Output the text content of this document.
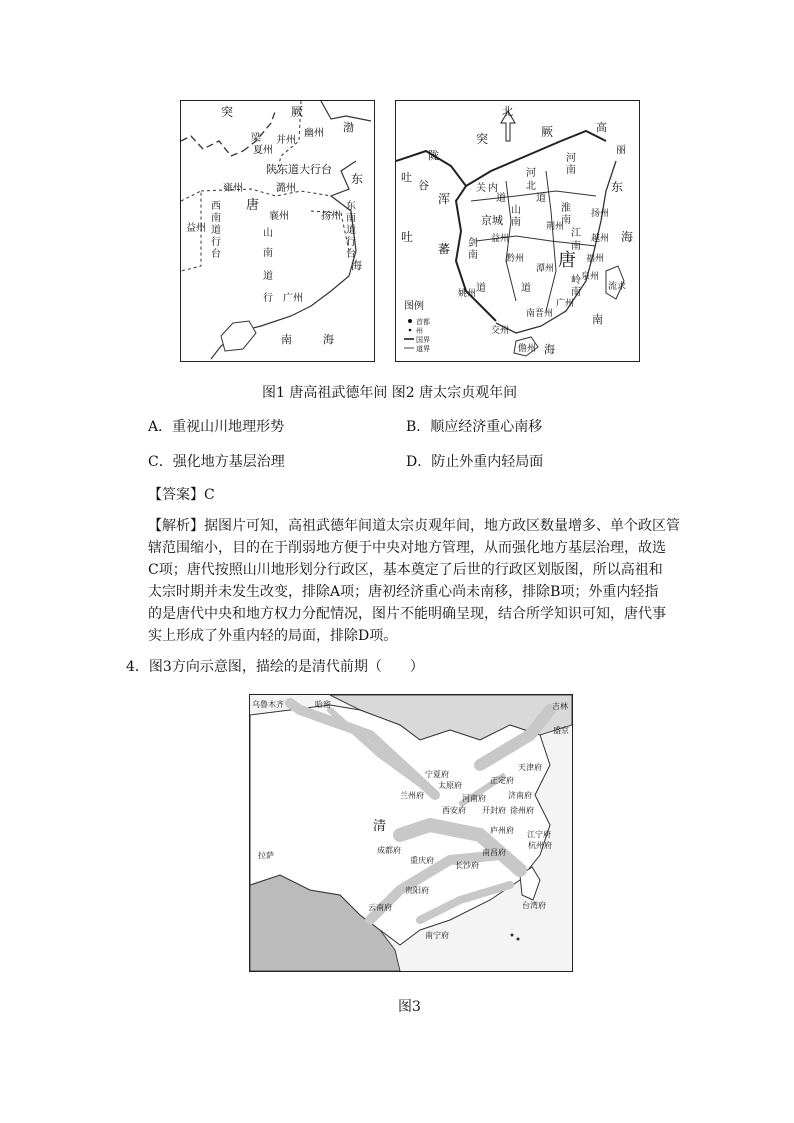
突	厥
梁
夏州
并州
幽州 渤
陕东道大行台
雍州
唐
潞州
东
西
南
道
行
台
益州
襄州	扬州
东
南
道
行
台
山
南
道
行 广州
海
南	海
北
突	厥	高
丽
陇
吐
谷
浑
吐
蕃
京城
关 内
河
北
河
南
东
海
唐
淮
南
山
南
剑
南
江
南
岭
南
道	道
道	道
黔州
潭州
交州
南晋州
广州
泉州
福州
越州
扬州
荆州
益州
姚州
流求
儋州 海
南
图例
首都
州
国界
道界
图1 唐高祖武德年间 图2 唐太宗贞观年间
A．重视山川地理形势	B．顺应经济重心南移
C．强化地方基层治理	D．防止外重内轻局面
【答案】C
【解析】据图片可知，高祖武德年间道太宗贞观年间，地方政区数量增多、单个政区管
辖范围缩小，目的在于削弱地方便于中央对地方管理，从而强化地方基层治理，故选
C项；唐代按照山川地形划分行政区，基本奠定了后世的行政区划版图，所以高祖和
太宗时期并未发生改变，排除A项；唐初经济重心尚未南移，排除B项；外重内轻指
的是唐代中央和地方权力分配情况，图片不能明确呈现，结合所学知识可知，唐代事
实上形成了外重内轻的局面，排除D项。
4．图3方向示意图，描绘的是清代前期（　　）
乌鲁木齐	哈密	吉林
盛京
天津府
宁夏府
太原府
正定府
兰州府	河南府	济南府
西安府 开封府 徐州府
清	庐州府 江宁府
杭州府
成都府
拉萨
重庆府
长沙府
南昌府
贵阳府
云南府	台湾府
南宁府
图3
